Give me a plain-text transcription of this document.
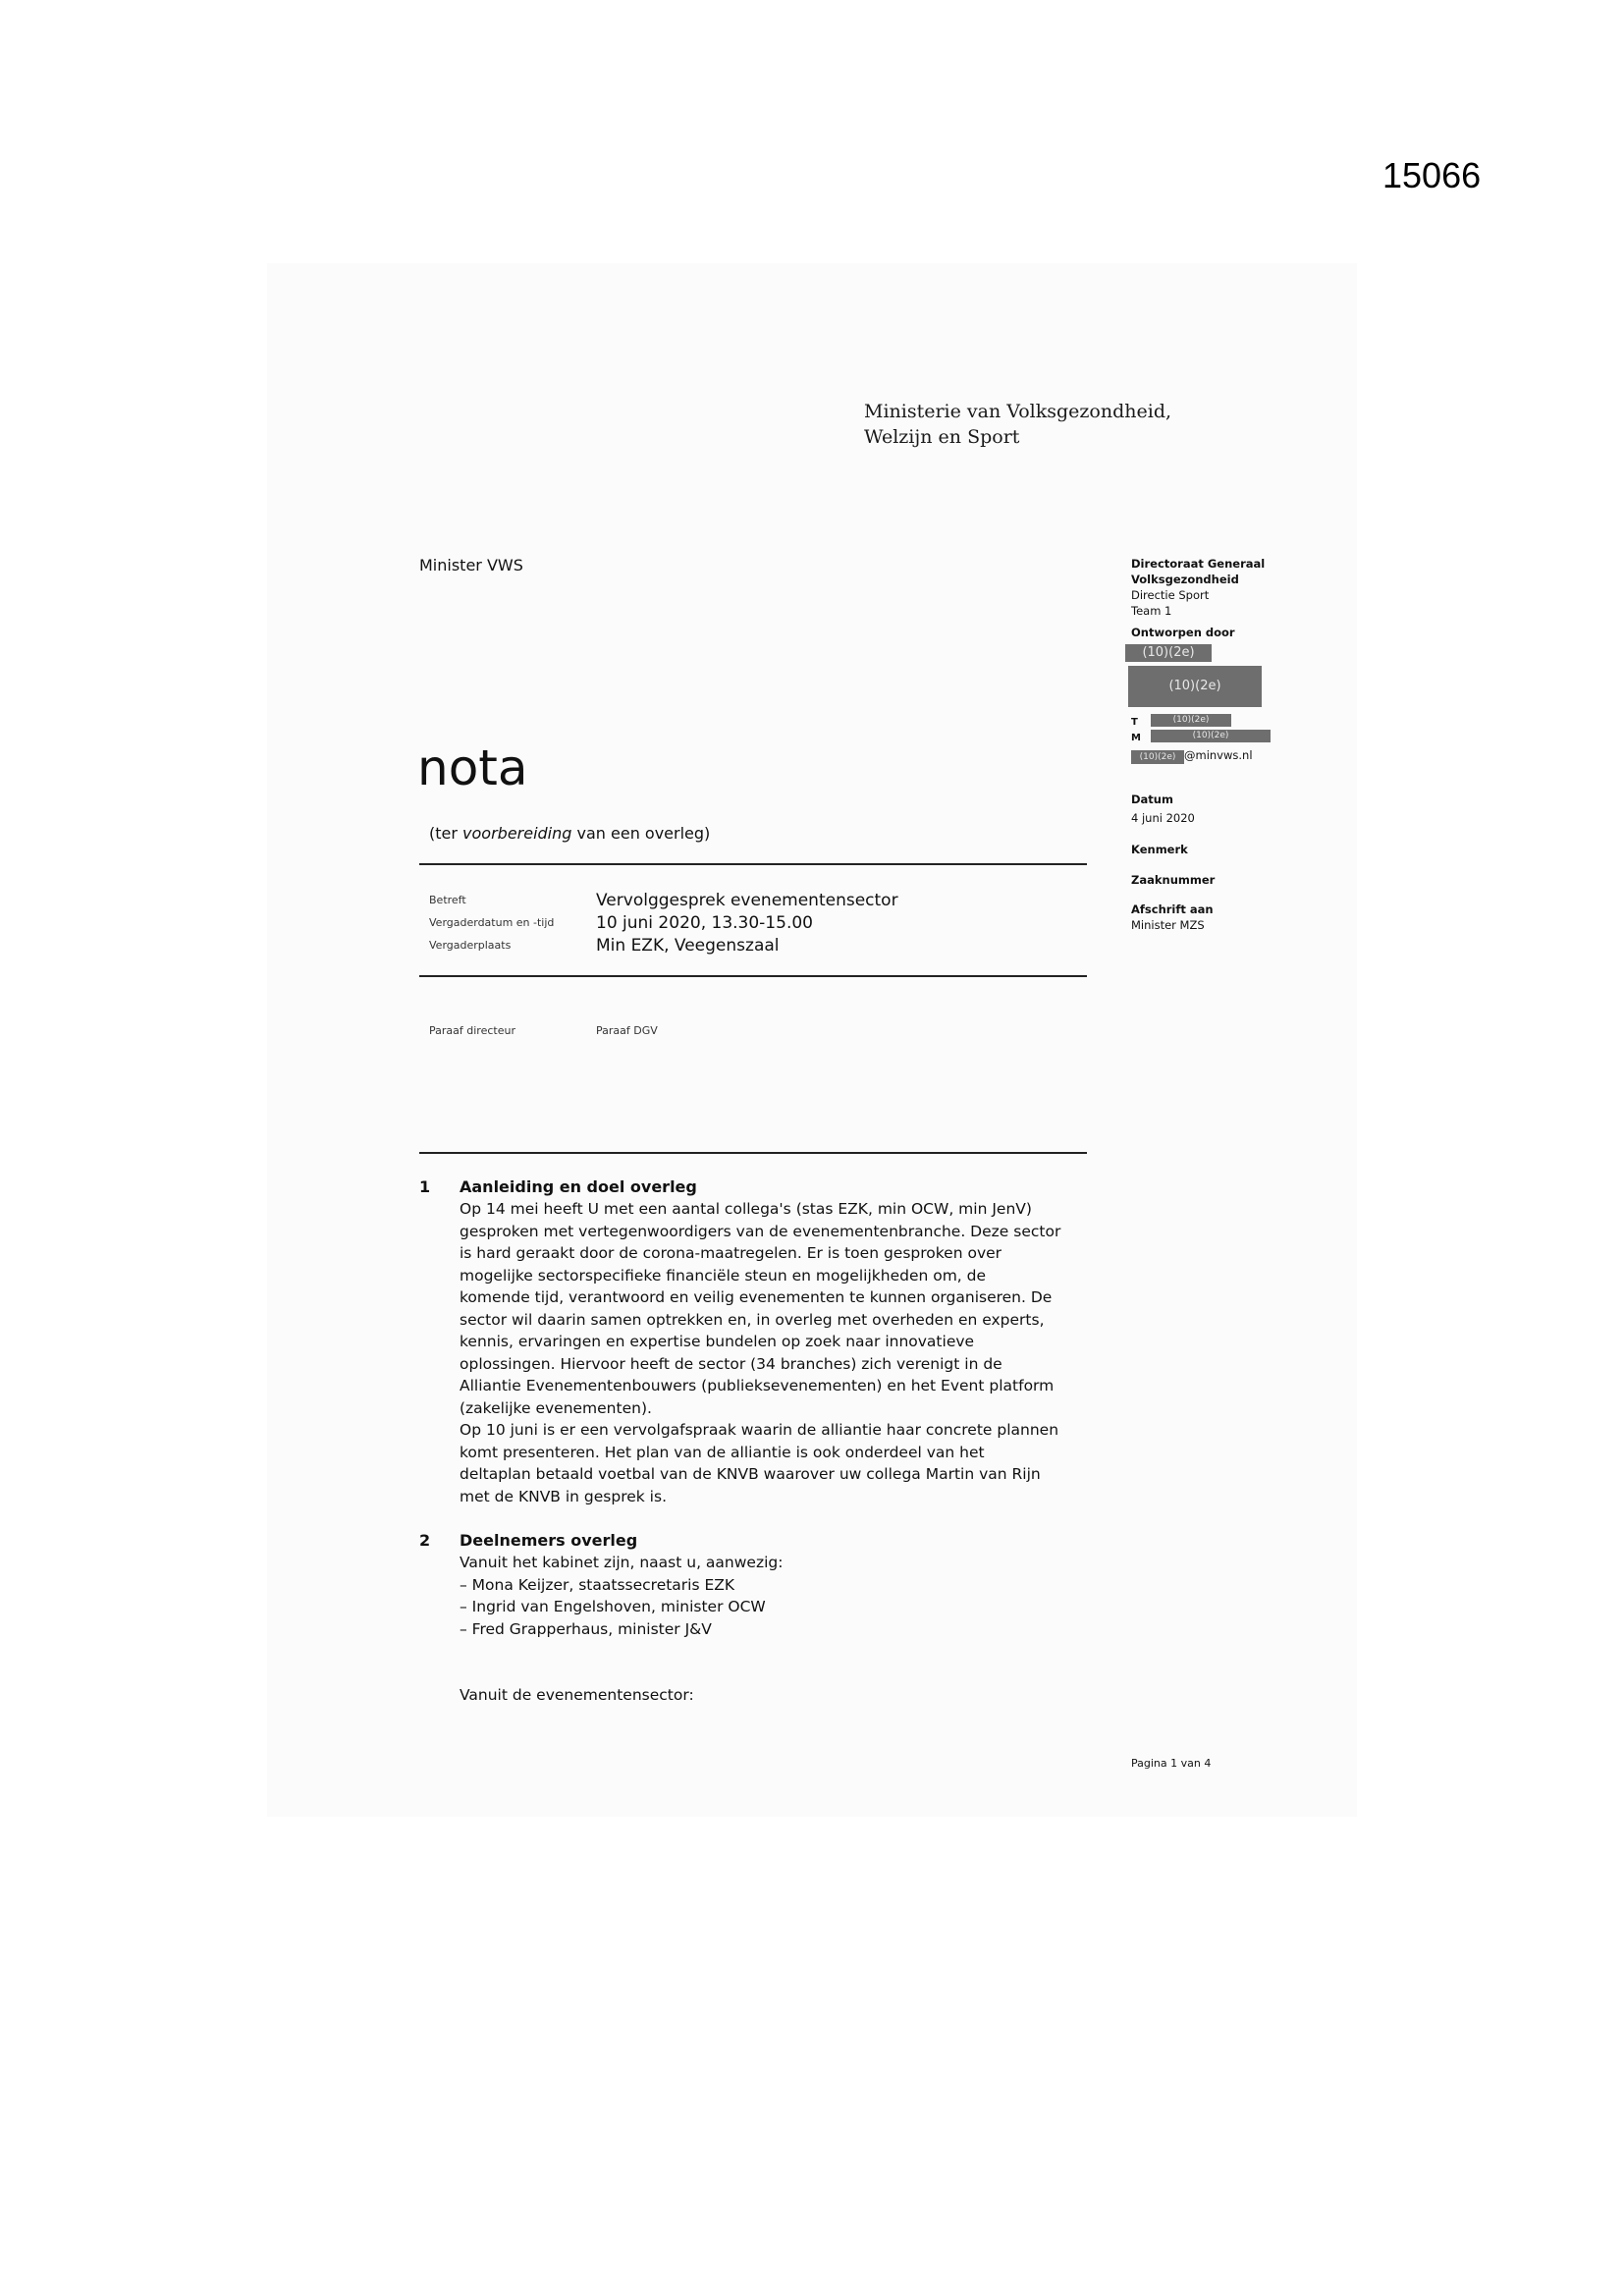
15066
Ministerie van Volksgezondheid,
Welzijn en Sport
Minister VWS
nota
(ter voorbereiding van een overleg)
Betreft	Vervolggesprek evenementensector
Vergaderdatum en -tijd	10 juni 2020, 13.30-15.00
Vergaderplaats	Min EZK, Veegenszaal
Paraaf directeur	Paraaf DGV
1	Aanleiding en doel overleg

Op 14 mei heeft U met een aantal collega's (stas EZK, min OCW, min JenV)

gesproken met vertegenwoordigers van de evenementenbranche. Deze sector

is hard geraakt door de corona-maatregelen. Er is toen gesproken over

mogelijke sectorspecifieke financiële steun en mogelijkheden om, de

komende tijd, verantwoord en veilig evenementen te kunnen organiseren. De

sector wil daarin samen optrekken en, in overleg met overheden en experts,

kennis, ervaringen en expertise bundelen op zoek naar innovatieve

oplossingen. Hiervoor heeft de sector (34 branches) zich verenigt in de

Alliantie Evenementenbouwers (publieksevenementen) en het Event platform

(zakelijke evenementen).

Op 10 juni is er een vervolgafspraak waarin de alliantie haar concrete plannen

komt presenteren. Het plan van de alliantie is ook onderdeel van het

deltaplan betaald voetbal van de KNVB waarover uw collega Martin van Rijn

met de KNVB in gesprek is.

2	Deelnemers overleg

Vanuit het kabinet zijn, naast u, aanwezig:

– Mona Keijzer, staatssecretaris EZK
– Ingrid van Engelshoven, minister OCW
– Fred Grapperhaus, minister J&V

Vanuit de evenementensector:

Directoraat Generaal
Volksgezondheid
Directie Sport
Team 1
Ontworpen door
(10)(2e)
(10)(2e)
T	(10)(2e)
M	(10)(2e)
(10)(2e) @minvws.nl
Datum
4 juni 2020
Kenmerk
Zaaknummer
Afschrift aan
Minister MZS
Pagina 1 van 4
